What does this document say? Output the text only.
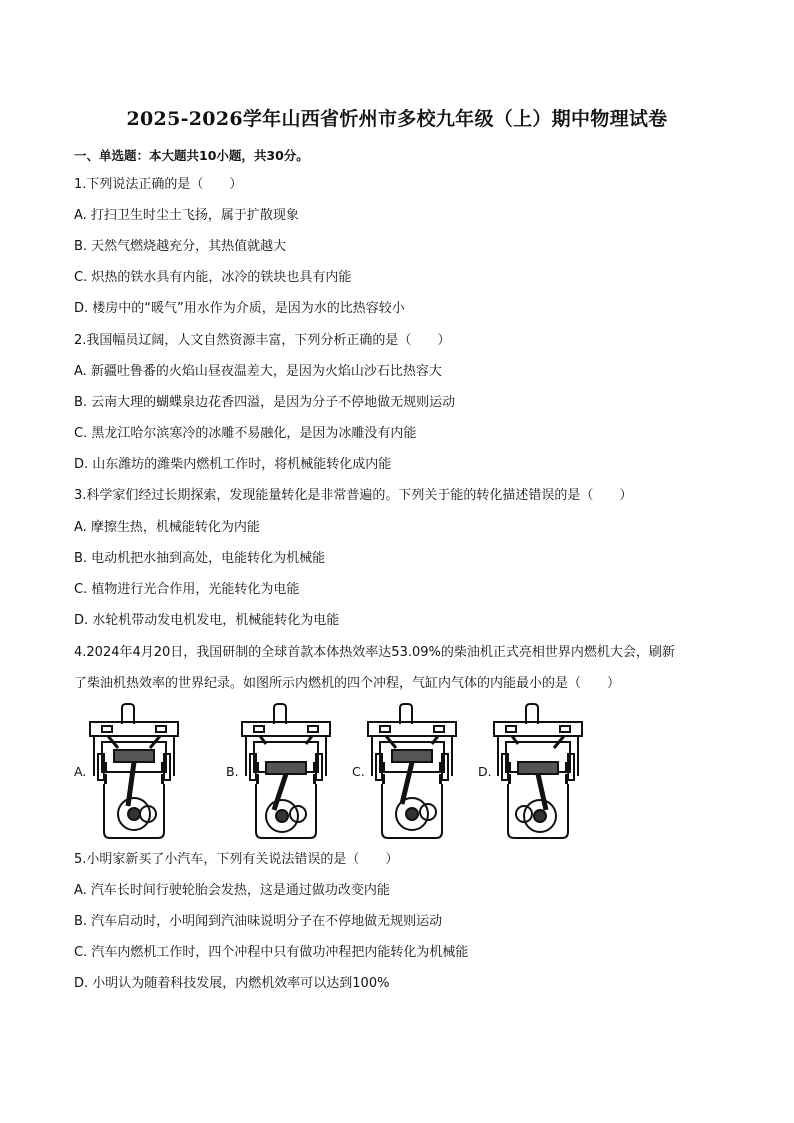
2025-2026学年山西省忻州市多校九年级（上）期中物理试卷
一、单选题：本大题共10小题，共30分。
1.下列说法正确的是（　　）
A. 打扫卫生时尘土飞扬，属于扩散现象
B. 天然气燃烧越充分，其热值就越大
C. 炽热的铁水具有内能，冰冷的铁块也具有内能
D. 楼房中的“暖气”用水作为介质，是因为水的比热容较小
2.我国幅员辽阔，人文自然资源丰富，下列分析正确的是（　　）
A. 新疆吐鲁番的火焰山昼夜温差大，是因为火焰山沙石比热容大
B. 云南大理的蝴蝶泉边花香四溢，是因为分子不停地做无规则运动
C. 黑龙江哈尔滨寒冷的冰雕不易融化，是因为冰雕没有内能
D. 山东潍坊的潍柴内燃机工作时，将机械能转化成内能
3.科学家们经过长期探索，发现能量转化是非常普遍的。下列关于能的转化描述错误的是（　　）
A. 摩擦生热，机械能转化为内能
B. 电动机把水抽到高处，电能转化为机械能
C. 植物进行光合作用，光能转化为电能
D. 水轮机带动发电机发电，机械能转化为电能
4.2024年4月20日，我国研制的全球首款本体热效率达53.09%的柴油机正式亮相世界内燃机大会，刷新
了柴油机热效率的世界纪录。如图所示内燃机的四个冲程，气缸内气体的内能最小的是（　　）
A.	B.	C.	D.
5.小明家新买了小汽车，下列有关说法错误的是（　　）
A. 汽车长时间行驶轮胎会发热，这是通过做功改变内能
B. 汽车启动时，小明闻到汽油味说明分子在不停地做无规则运动
C. 汽车内燃机工作时，四个冲程中只有做功冲程把内能转化为机械能
D. 小明认为随着科技发展，内燃机效率可以达到100%
